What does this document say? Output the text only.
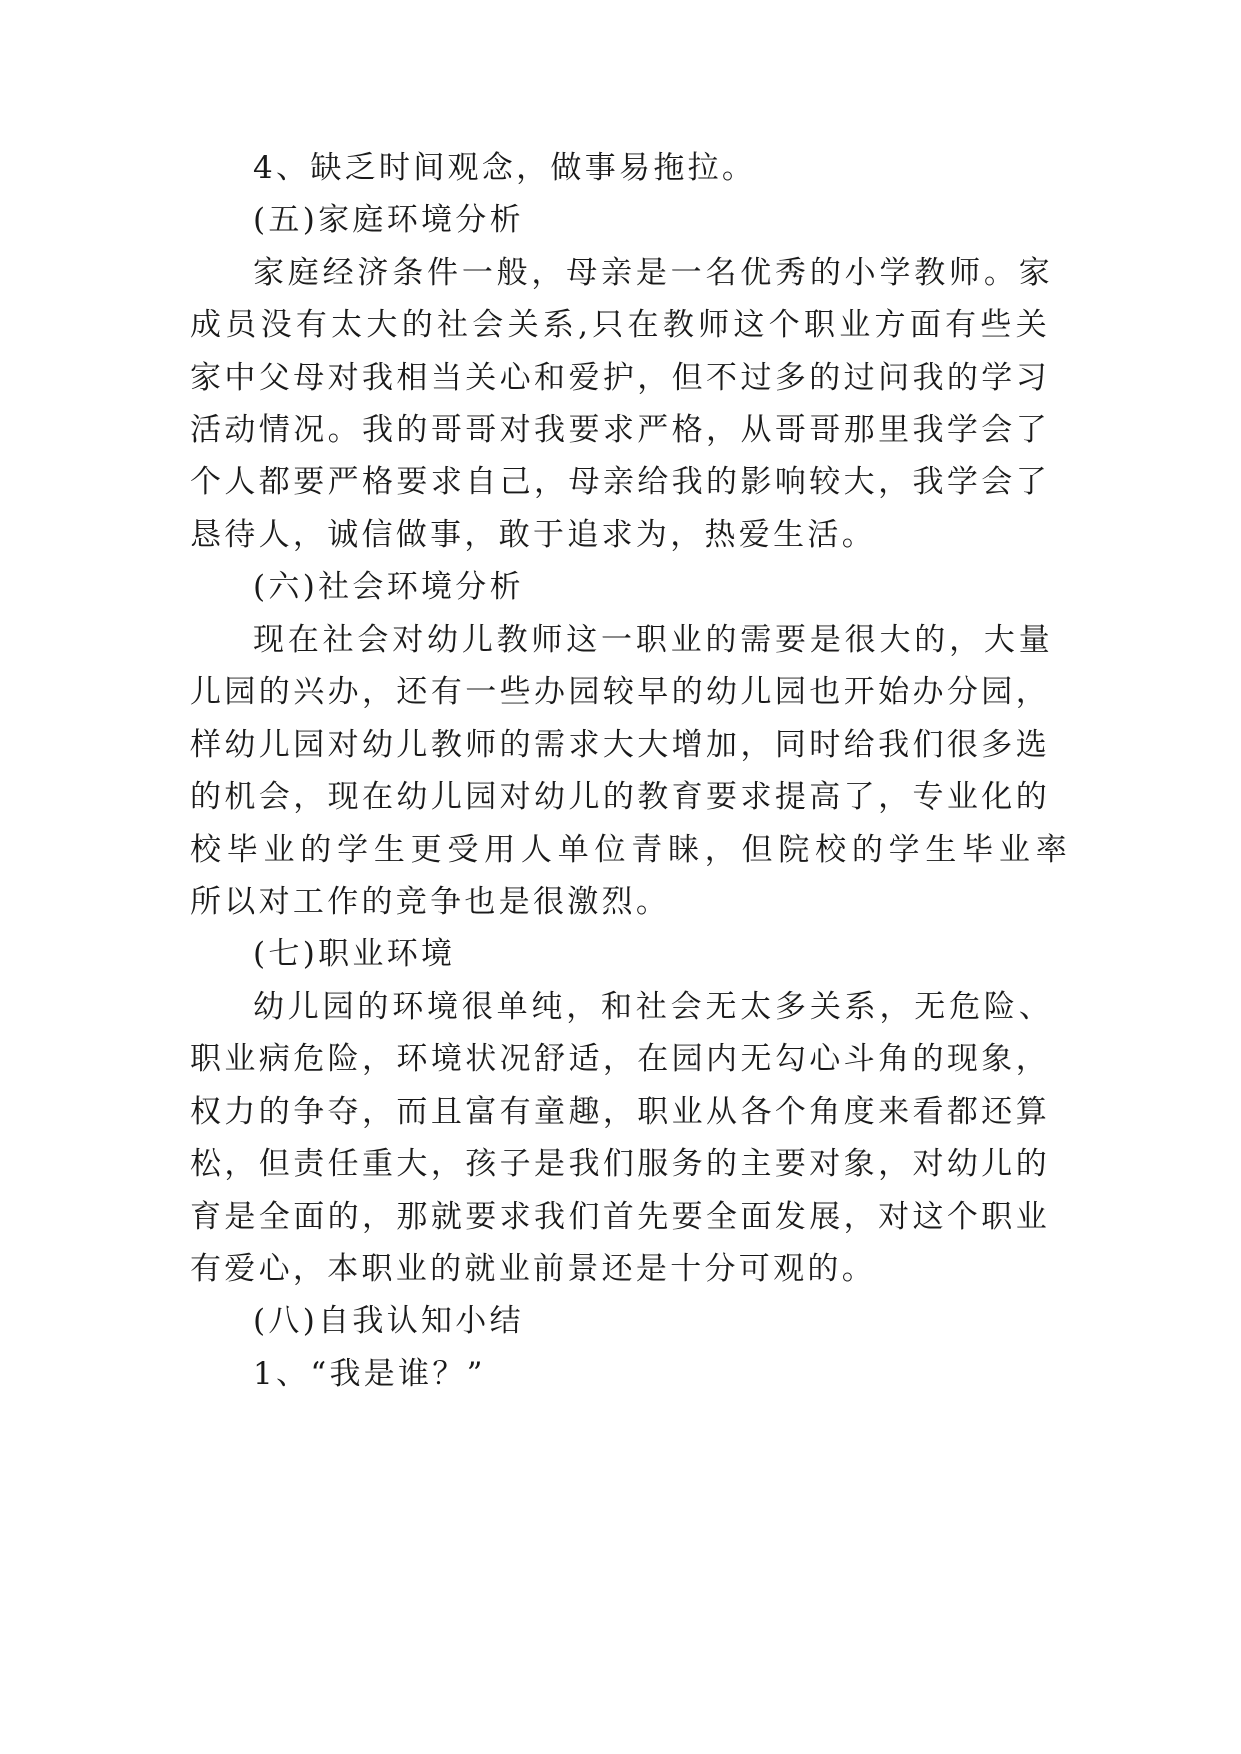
4、缺乏时间观念，做事易拖拉。
(五)家庭环境分析
家庭经济条件一般，母亲是一名优秀的小学教师。家
成员没有太大的社会关系,只在教师这个职业方面有些关
家中父母对我相当关心和爱护，但不过多的过问我的学习
活动情况。我的哥哥对我要求严格，从哥哥那里我学会了
个人都要严格要求自己，母亲给我的影响较大，我学会了
恳待人，诚信做事，敢于追求为，热爱生活。
(六)社会环境分析
现在社会对幼儿教师这一职业的需要是很大的，大量
儿园的兴办，还有一些办园较早的幼儿园也开始办分园，
样幼儿园对幼儿教师的需求大大增加，同时给我们很多选
的机会，现在幼儿园对幼儿的教育要求提高了，专业化的
校毕业的学生更受用人单位青睐，但院校的学生毕业率
所以对工作的竞争也是很激烈。
(七)职业环境
幼儿园的环境很单纯，和社会无太多关系，无危险、
职业病危险，环境状况舒适，在园内无勾心斗角的现象，
权力的争夺，而且富有童趣，职业从各个角度来看都还算
松，但责任重大，孩子是我们服务的主要对象，对幼儿的
育是全面的，那就要求我们首先要全面发展，对这个职业
有爱心，本职业的就业前景还是十分可观的。
(八)自我认知小结
1、“我是谁？”
